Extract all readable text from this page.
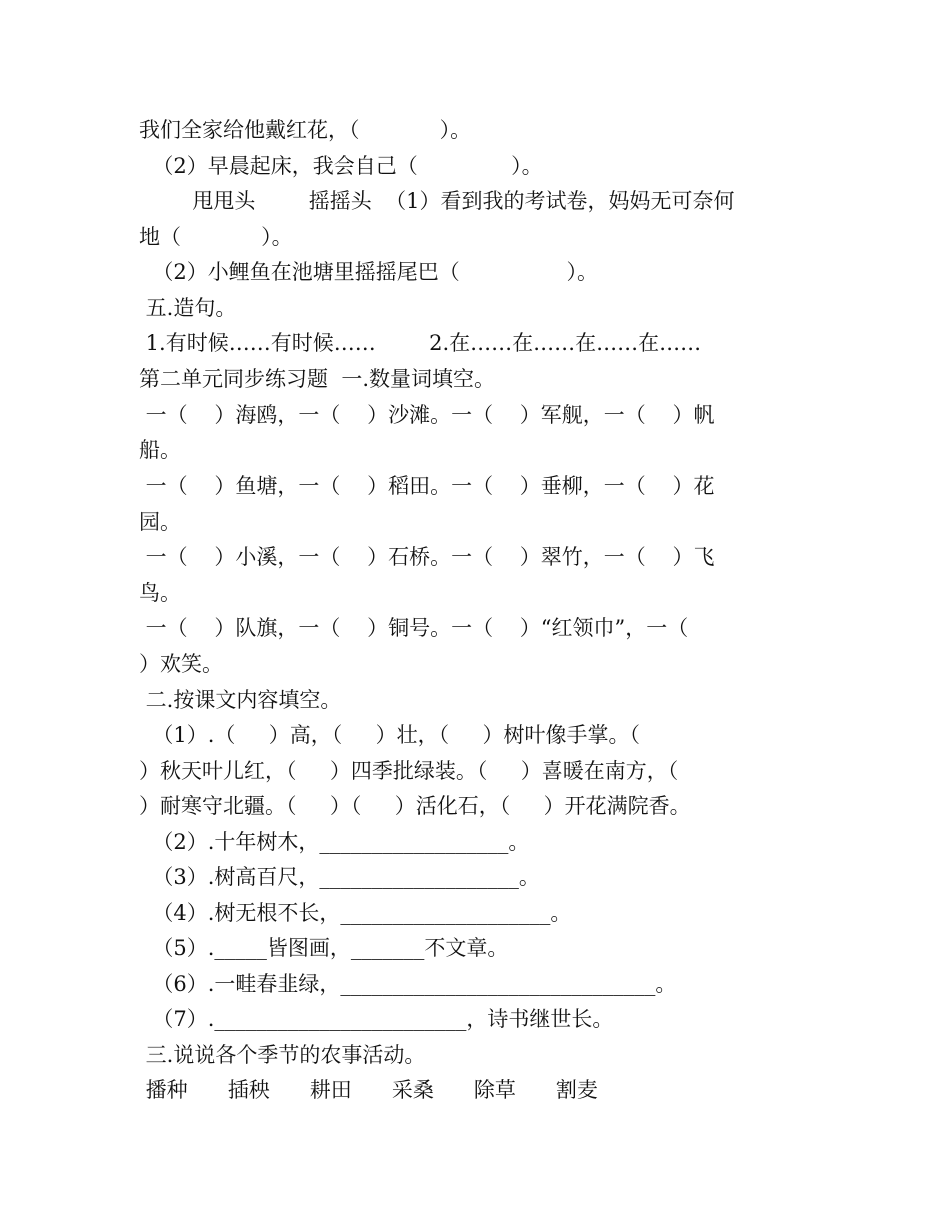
我们全家给他戴红花，（            ）。

（2）早晨起床，我会自己（              ）。

甩甩头        摇摇头  （1）看到我的考试卷，妈妈无可奈何

地（            ）。

（2）小鲤鱼在池塘里摇摇尾巴（                ）。

五.造句。

1.有时候……有时候……        2.在……在……在……在……

第二单元同步练习题  一.数量词填空。

一（    ）海鸥，一（    ）沙滩。一（    ）军舰，一（    ）帆

船。

一（    ）鱼塘，一（    ）稻田。一（    ）垂柳，一（    ）花

园。

一（    ）小溪，一（    ）石桥。一（    ）翠竹，一（    ）飞

鸟。

一（    ）队旗，一（    ）铜号。一（    ）“红领巾”，一（

）欢笑。

二.按课文内容填空。

（1）.（     ）高，（     ）壮，（     ）树叶像手掌。（

）秋天叶儿红，（     ）四季批绿装。（     ）喜暖在南方，（

）耐寒守北疆。（     ）（     ）活化石，（     ）开花满院香。

（2）.十年树木，__________________。

（3）.树高百尺，___________________。

（4）.树无根不长，____________________。

（5）._____皆图画，_______不文章。

（6）.一畦春韭绿，______________________________。

（7）.________________________，诗书继世长。

三.说说各个季节的农事活动。

播种      插秧      耕田      采桑      除草      割麦
